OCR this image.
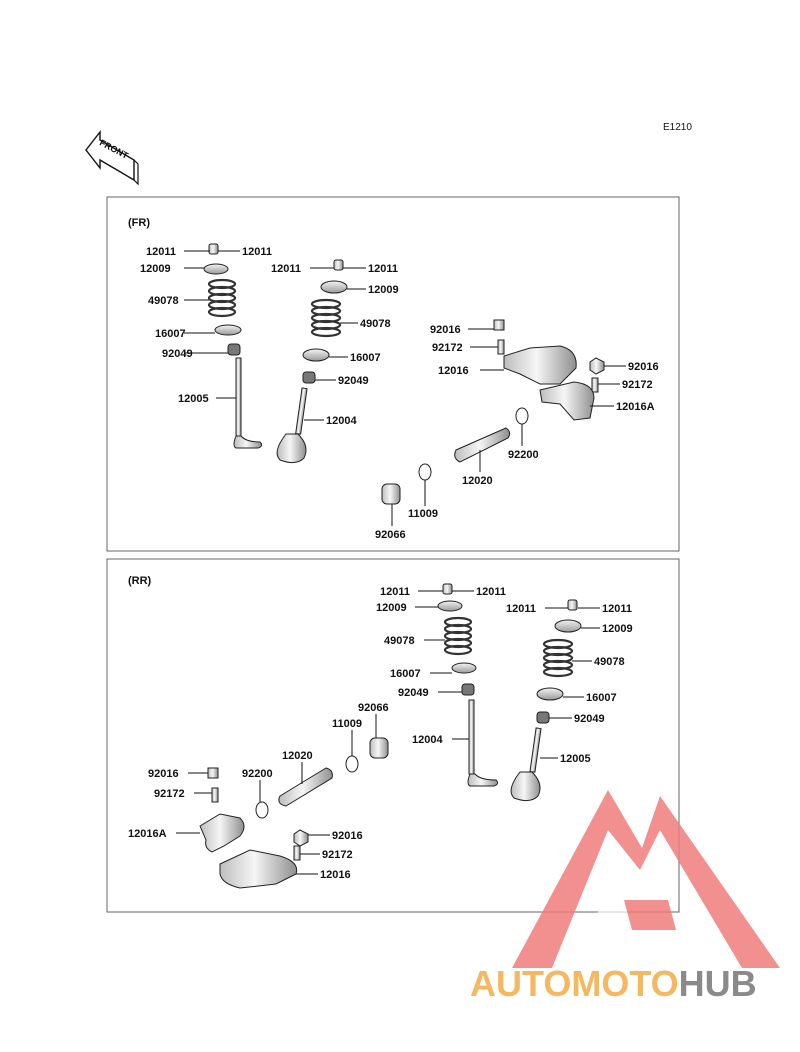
E1210
FRONT
(FR)
(RR)
12011	12011
12009
49078
16007
92049
12005
12011	12011
12009
49078
16007
92049
12004
92016
92172
12016	92016
92172
12016A
92200
12020
11009
92066
12011	12011
12009
49078
16007
92049
12004
12011	12011
12009
49078
16007
92049
12005
92066
11009
12020
92200
92016
92172
12016A	92016
92172
12016
AUTOMOTOHUB
